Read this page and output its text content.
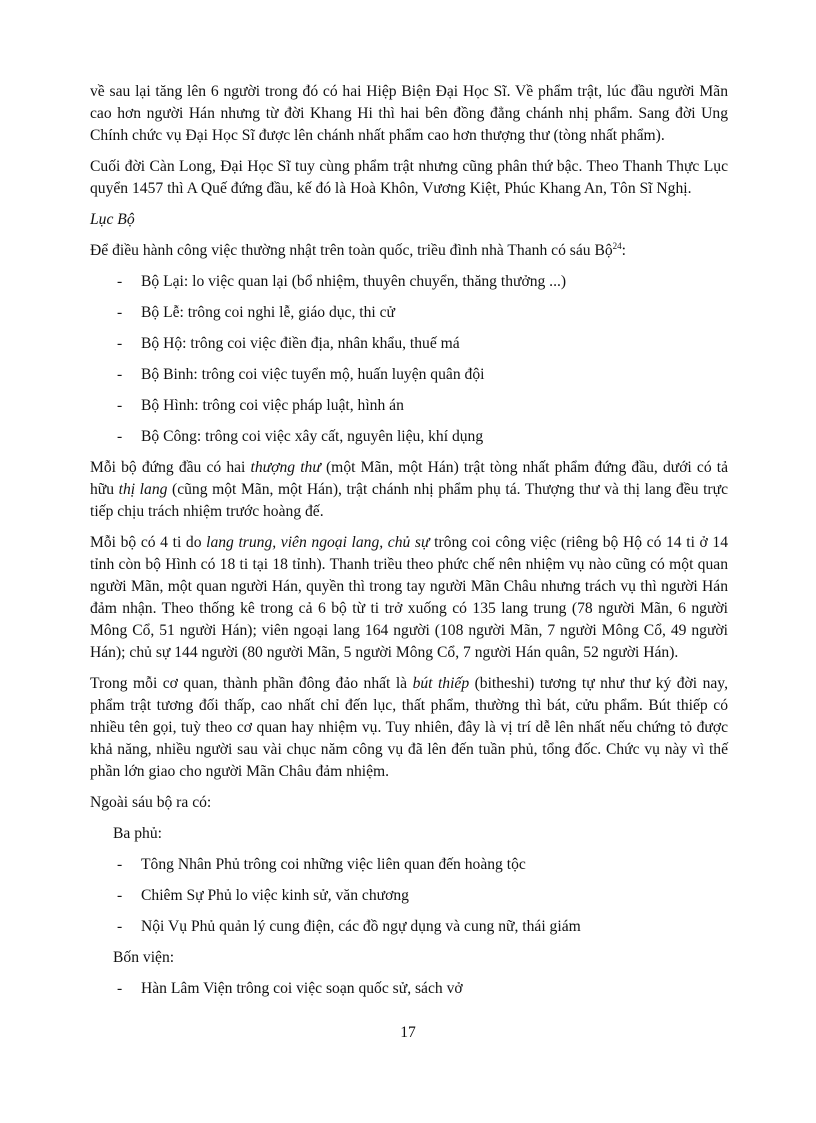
về sau lại tăng lên 6 người trong đó có hai Hiệp Biện Đại Học Sĩ. Về phẩm trật, lúc đầu người Mãn cao hơn người Hán nhưng từ đời Khang Hi thì hai bên đồng đẳng chánh nhị phẩm. Sang đời Ung Chính chức vụ Đại Học Sĩ được lên chánh nhất phẩm cao hơn thượng thư (tòng nhất phẩm).

Cuối đời Càn Long, Đại Học Sĩ tuy cùng phẩm trật nhưng cũng phân thứ bậc. Theo Thanh Thực Lục quyển 1457 thì A Quế đứng đầu, kế đó là Hoà Khôn, Vương Kiệt, Phúc Khang An, Tôn Sĩ Nghị.

Lục Bộ

Để điều hành công việc thường nhật trên toàn quốc, triều đình nhà Thanh có sáu Bộ$^{24}$:

- Bộ Lại: lo việc quan lại (bổ nhiệm, thuyên chuyển, thăng thưởng ...)
- Bộ Lễ: trông coi nghi lễ, giáo dục, thi cử
- Bộ Hộ: trông coi việc điền địa, nhân khẩu, thuế má
- Bộ Binh: trông coi việc tuyển mộ, huấn luyện quân đội
- Bộ Hình: trông coi việc pháp luật, hình án
- Bộ Công: trông coi việc xây cất, nguyên liệu, khí dụng

Mỗi bộ đứng đầu có hai thượng thư (một Mãn, một Hán) trật tòng nhất phẩm đứng đầu, dưới có tả hữu thị lang (cũng một Mãn, một Hán), trật chánh nhị phẩm phụ tá. Thượng thư và thị lang đều trực tiếp chịu trách nhiệm trước hoàng đế.

Mỗi bộ có 4 ti do lang trung, viên ngoại lang, chủ sự trông coi công việc (riêng bộ Hộ có 14 ti ở 14 tỉnh còn bộ Hình có 18 ti tại 18 tỉnh). Thanh triều theo phức chế nên nhiệm vụ nào cũng có một quan người Mãn, một quan người Hán, quyền thì trong tay người Mãn Châu nhưng trách vụ thì người Hán đảm nhận. Theo thống kê trong cả 6 bộ từ ti trở xuống có 135 lang trung (78 người Mãn, 6 người Mông Cổ, 51 người Hán); viên ngoại lang 164 người (108 người Mãn, 7 người Mông Cổ, 49 người Hán); chủ sự 144 người (80 người Mãn, 5 người Mông Cổ, 7 người Hán quân, 52 người Hán).

Trong mỗi cơ quan, thành phần đông đảo nhất là bút thiếp (bitheshi) tương tự như thư ký đời nay, phẩm trật tương đối thấp, cao nhất chỉ đến lục, thất phẩm, thường thì bát, cửu phẩm. Bút thiếp có nhiều tên gọi, tuỳ theo cơ quan hay nhiệm vụ. Tuy nhiên, đây là vị trí dễ lên nhất nếu chứng tỏ được khả năng, nhiều người sau vài chục năm công vụ đã lên đến tuần phủ, tổng đốc. Chức vụ này vì thế phần lớn giao cho người Mãn Châu đảm nhiệm.

Ngoài sáu bộ ra có:

Ba phủ:

- Tông Nhân Phủ trông coi những việc liên quan đến hoàng tộc
- Chiêm Sự Phủ lo việc kinh sử, văn chương
- Nội Vụ Phủ quản lý cung điện, các đồ ngự dụng và cung nữ, thái giám

Bốn viện:

- Hàn Lâm Viện trông coi việc soạn quốc sử, sách vở
17
